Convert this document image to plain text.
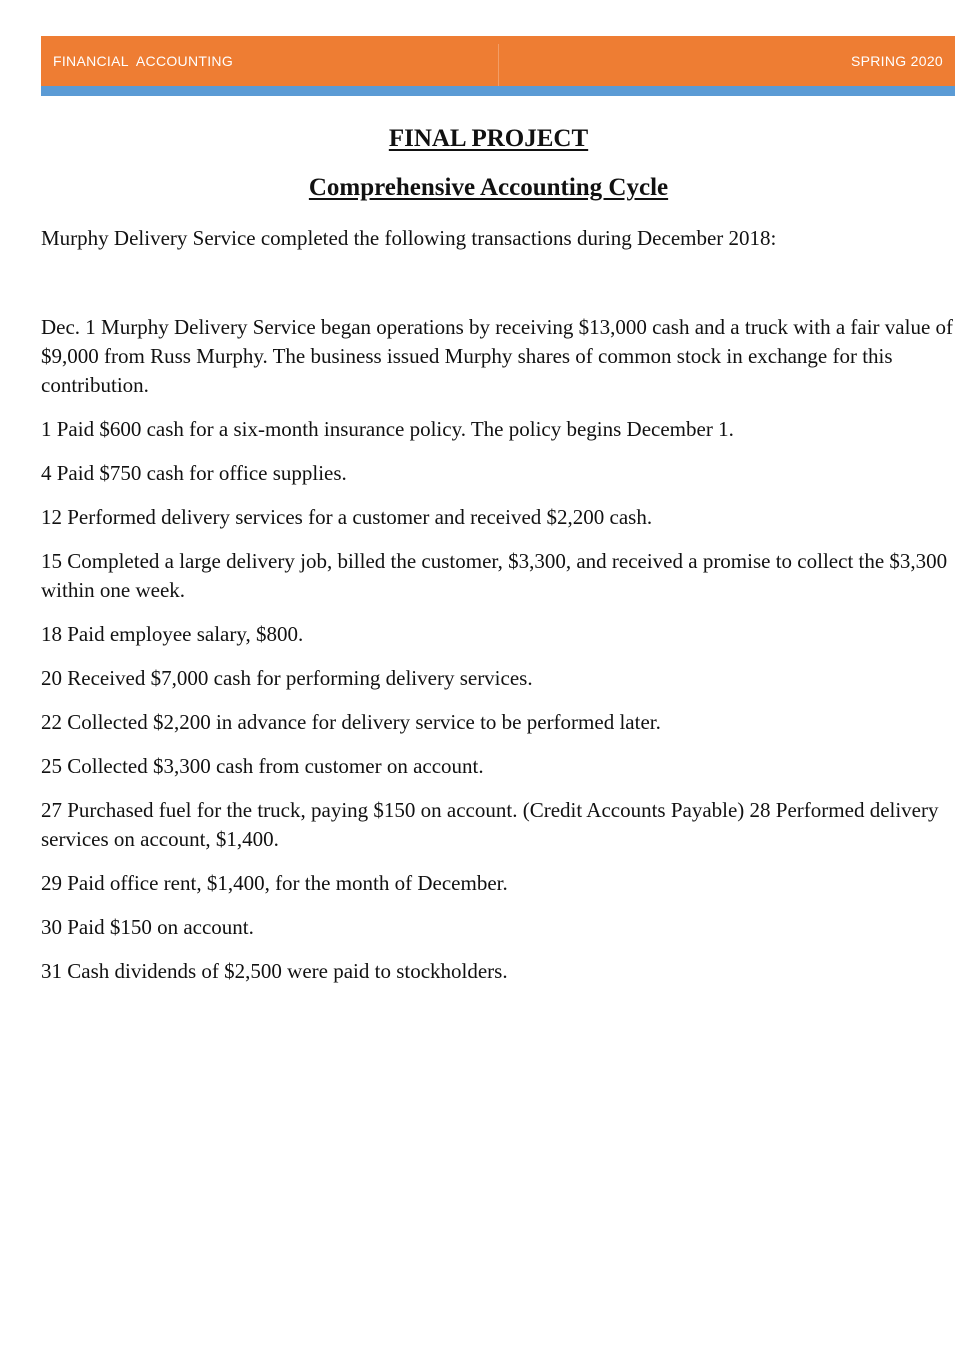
FINANCIAL  ACCOUNTING	SPRING 2020
FINAL PROJECT
Comprehensive Accounting Cycle

Murphy Delivery Service completed the following transactions during December 2018:

Dec. 1 Murphy Delivery Service began operations by receiving $13,000 cash and a truck with a fair value of $9,000 from Russ Murphy. The business issued Murphy shares of common stock in exchange for this contribution.

1 Paid $600 cash for a six-month insurance policy. The policy begins December 1.

4 Paid $750 cash for office supplies.

12 Performed delivery services for a customer and received $2,200 cash.

15 Completed a large delivery job, billed the customer, $3,300, and received a promise to collect the $3,300 within one week.

18 Paid employee salary, $800.

20 Received $7,000 cash for performing delivery services.

22 Collected $2,200 in advance for delivery service to be performed later.

25 Collected $3,300 cash from customer on account.

27 Purchased fuel for the truck, paying $150 on account. (Credit Accounts Payable) 28 Performed delivery services on account, $1,400.

29 Paid office rent, $1,400, for the month of December.

30 Paid $150 on account.

31 Cash dividends of $2,500 were paid to stockholders.
